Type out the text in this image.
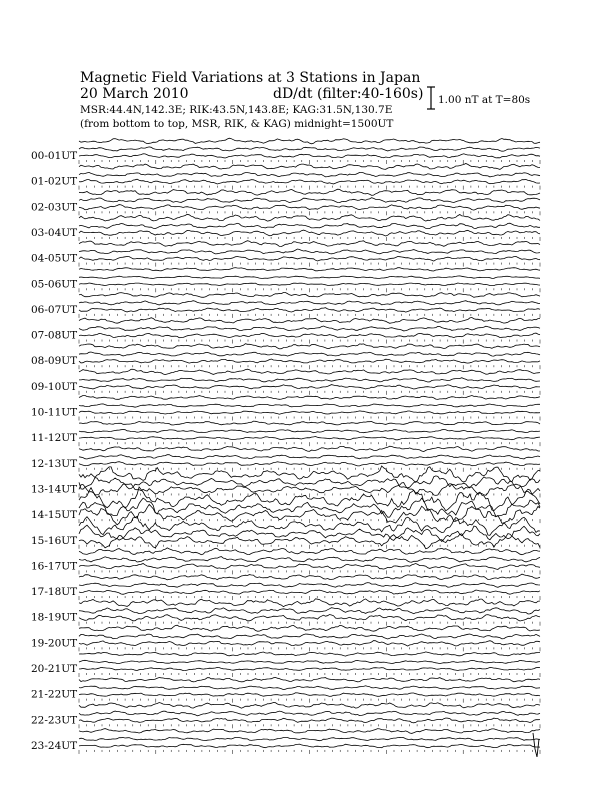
Magnetic Field Variations at 3 Stations in Japan
20 March 2010	dD/dt (filter:40-160s)
MSR:44.4N,142.3E; RIK:43.5N,143.8E; KAG:31.5N,130.7E
(from bottom to top, MSR, RIK, & KAG) midnight=1500UT
1.00 nT at T=80s
00-01UT
01-02UT
02-03UT
03-04UT
04-05UT
05-06UT
06-07UT
07-08UT
08-09UT
09-10UT
10-11UT
11-12UT
12-13UT
13-14UT
14-15UT
15-16UT
16-17UT
17-18UT
18-19UT
19-20UT
20-21UT
21-22UT
22-23UT
23-24UT
